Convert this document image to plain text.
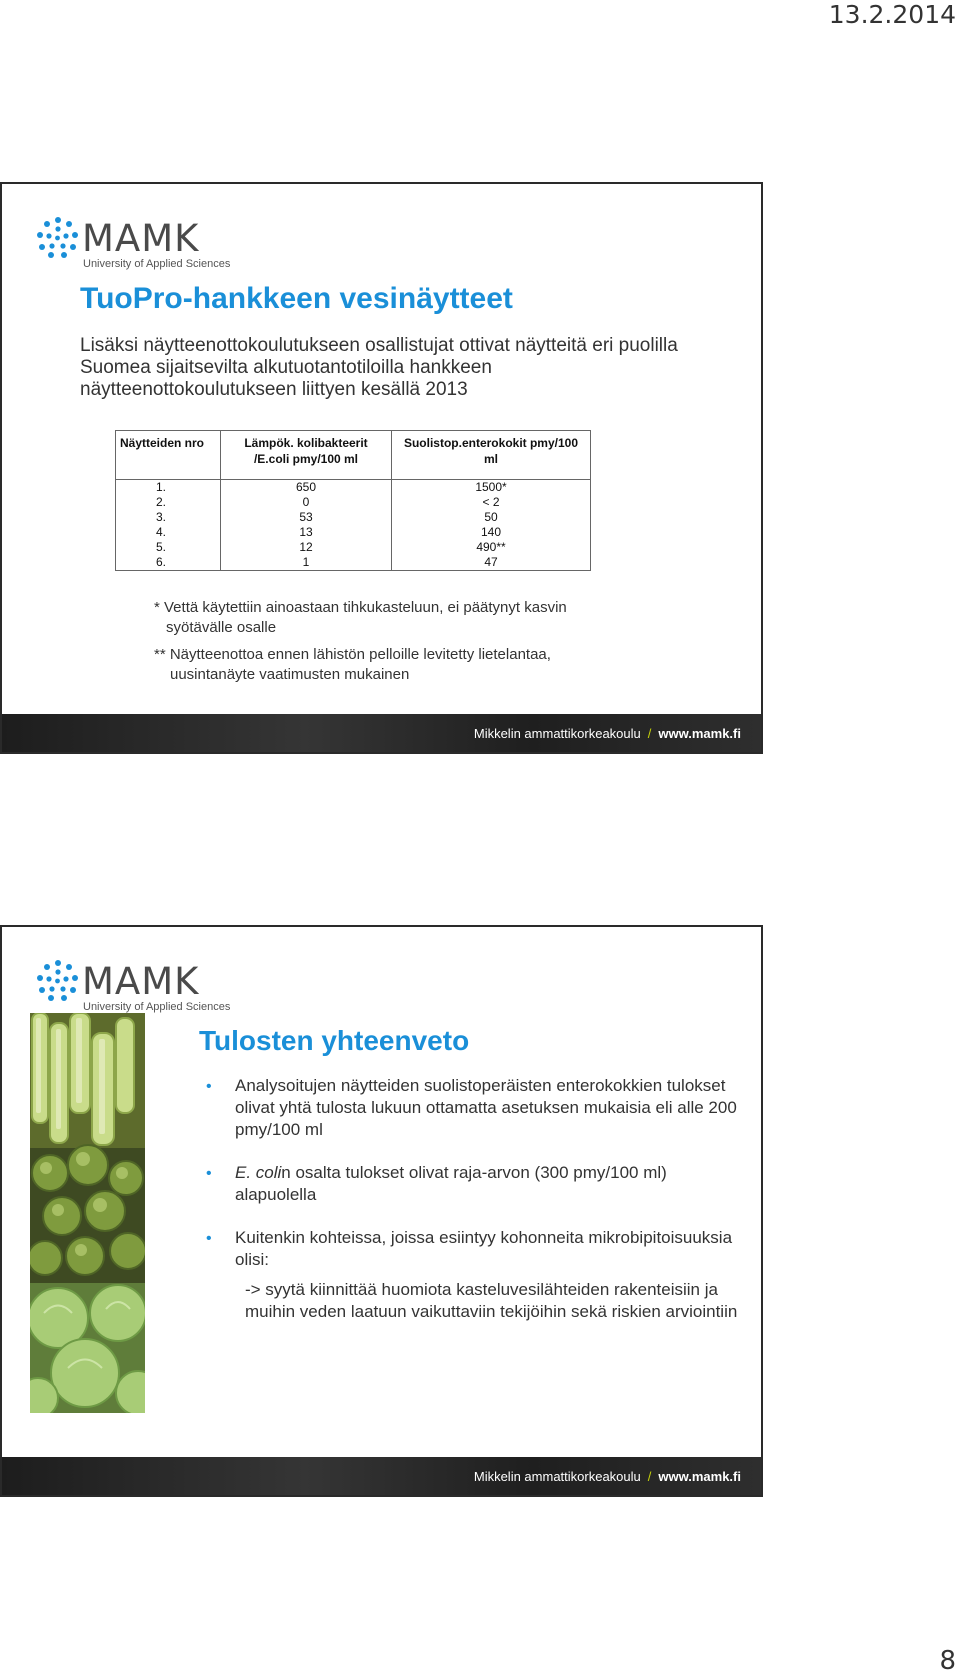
13.2.2014
MAMK
University of Applied Sciences
TuoPro-hankkeen vesinäytteet
Lisäksi näytteenottokoulutukseen osallistujat ottivat näytteitä eri puolilla Suomea sijaitsevilta alkutuotantotiloilla hankkeen näytteenottokoulutukseen liittyen kesällä 2013
Näytteiden nro	Lämpök. kolibakteerit /E.coli pmy/100 ml	Suolistop.enterokokit pmy/100 ml
1.	650	1500*
2.	0	< 2
3.	53	50
4.	13	140
5.	12	490**
6.	1	47

* Vettä käytettiin ainoastaan tihkukasteluun, ei päätynyt kasvin
syötävälle osalle

** Näytteenottoa ennen lähistön pelloille levitetty lietelantaa,
uusintanäyte vaatimusten mukainen

Mikkelin ammattikorkeakoulu / www.mamk.fi
MAMK
University of Applied Sciences
Tulosten yhteenveto
• Analysoitujen näytteiden suolistoperäisten enterokokkien tulokset olivat yhtä tulosta lukuun ottamatta asetuksen mukaisia eli alle 200 pmy/100 ml
• E. colin osalta tulokset olivat raja-arvon (300 pmy/100 ml) alapuolella
• Kuitenkin kohteissa, joissa esiintyy kohonneita mikrobipitoisuuksia olisi:
-> syytä kiinnittää huomiota kasteluvesilähteiden rakenteisiin ja muihin veden laatuun vaikuttaviin tekijöihin sekä riskien arviointiin
Mikkelin ammattikorkeakoulu / www.mamk.fi
8
